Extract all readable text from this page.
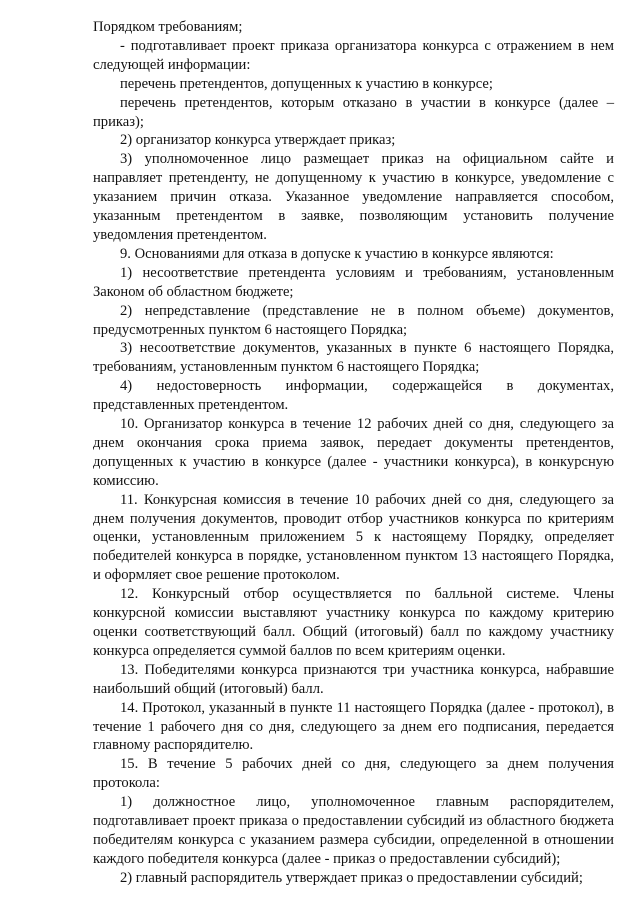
Порядком требованиям;

- подготавливает проект приказа организатора конкурса с отражением в нем следующей информации:

перечень претендентов, допущенных к участию в конкурсе;

перечень претендентов, которым отказано в участии в конкурсе (далее – приказ);

2) организатор конкурса утверждает приказ;

3) уполномоченное лицо размещает приказ на официальном сайте и направляет претенденту, не допущенному к участию в конкурсе, уведомление с указанием причин отказа. Указанное уведомление направляется способом, указанным претендентом в заявке, позволяющим установить получение уведомления претендентом.

9. Основаниями для отказа в допуске к участию в конкурсе являются:

1) несоответствие претендента условиям и требованиям, установленным Законом об областном бюджете;

2) непредставление (представление не в полном объеме) документов, предусмотренных пунктом 6 настоящего Порядка;

3) несоответствие документов, указанных в пункте 6 настоящего Порядка, требованиям, установленным пунктом 6 настоящего Порядка;

4) недостоверность информации, содержащейся в документах, представленных претендентом.

10. Организатор конкурса в течение 12 рабочих дней со дня, следующего за днем окончания срока приема заявок, передает документы претендентов, допущенных к участию в конкурсе (далее - участники конкурса), в конкурсную комиссию.

11. Конкурсная комиссия в течение 10 рабочих дней со дня, следующего за днем получения документов, проводит отбор участников конкурса по критериям оценки, установленным приложением 5 к настоящему Порядку, определяет победителей конкурса в порядке, установленном пунктом 13 настоящего Порядка, и оформляет свое решение протоколом.

12. Конкурсный отбор осуществляется по балльной системе. Члены конкурсной комиссии выставляют участнику конкурса по каждому критерию оценки соответствующий балл. Общий (итоговый) балл по каждому участнику конкурса определяется суммой баллов по всем критериям оценки.

13. Победителями конкурса признаются три участника конкурса, набравшие наибольший общий (итоговый) балл.

14. Протокол, указанный в пункте 11 настоящего Порядка (далее - протокол), в течение 1 рабочего дня со дня, следующего за днем его подписания, передается главному распорядителю.

15. В течение 5 рабочих дней со дня, следующего за днем получения протокола:

1) должностное лицо, уполномоченное главным распорядителем, подготавливает проект приказа о предоставлении субсидий из областного бюджета победителям конкурса с указанием размера субсидии, определенной в отношении каждого победителя конкурса (далее - приказ о предоставлении субсидий);

2) главный распорядитель утверждает приказ о предоставлении субсидий;
